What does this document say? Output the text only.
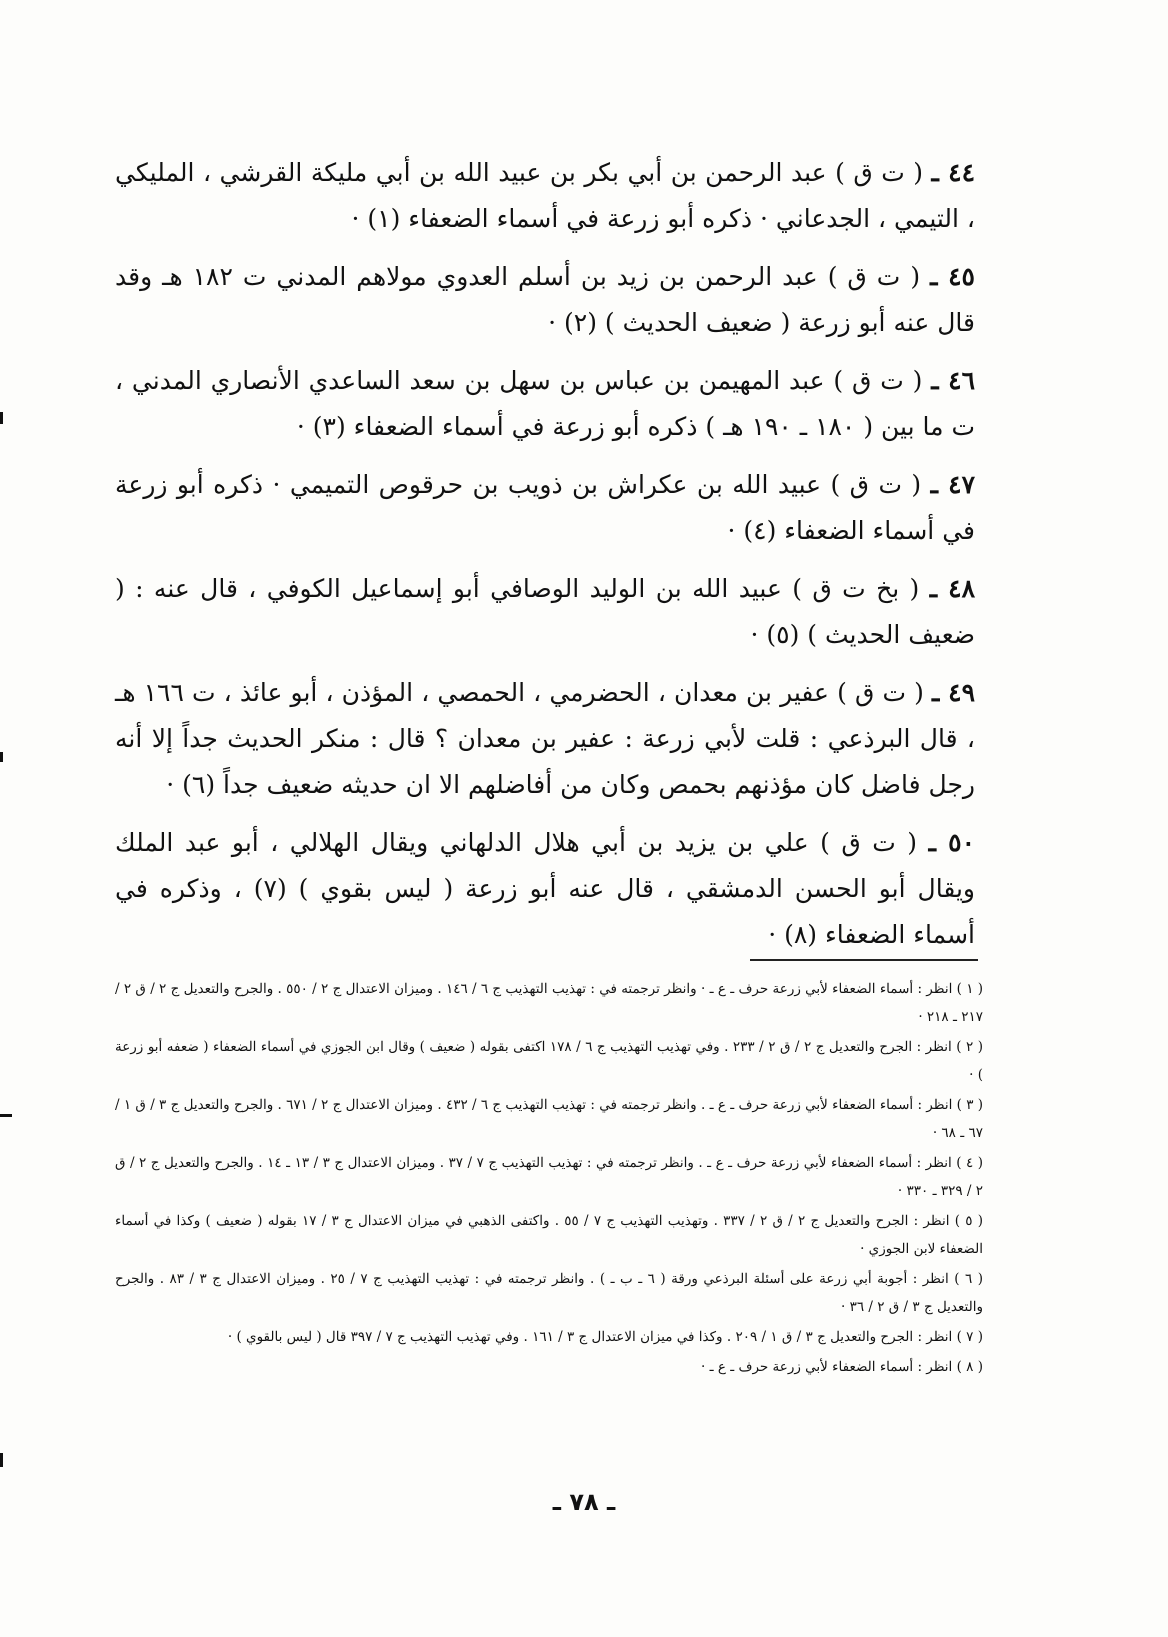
٤٤ ـ ( ت ق ) عبد الرحمن بن أبي بكر بن عبيد الله بن أبي مليكة القرشي ، المليكي ، التيمي ، الجدعاني · ذكره أبو زرعة في أسماء الضعفاء (١) ·

٤٥ ـ ( ت ق ) عبد الرحمن بن زيد بن أسلم العدوي مولاهم المدني ت ١٨٢ هـ وقد قال عنه أبو زرعة ( ضعيف الحديث ) (٢) ·

٤٦ ـ ( ت ق ) عبد المهيمن بن عباس بن سهل بن سعد الساعدي الأنصاري المدني ، ت ما بين ( ١٨٠ ـ ١٩٠ هـ ) ذكره أبو زرعة في أسماء الضعفاء (٣) ·

٤٧ ـ ( ت ق ) عبيد الله بن عكراش بن ذويب بن حرقوص التميمي · ذكره أبو زرعة في أسماء الضعفاء (٤) ·

٤٨ ـ ( بخ ت ق ) عبيد الله بن الوليد الوصافي أبو إسماعيل الكوفي ، قال عنه : ( ضعيف الحديث ) (٥) ·

٤٩ ـ ( ت ق ) عفير بن معدان ، الحضرمي ، الحمصي ، المؤذن ، أبو عائذ ، ت ١٦٦ هـ ، قال البرذعي : قلت لأبي زرعة : عفير بن معدان ؟ قال : منكر الحديث جداً إلا أنه رجل فاضل كان مؤذنهم بحمص وكان من أفاضلهم الا ان حديثه ضعيف جداً (٦) ·

٥٠ ـ ( ت ق ) علي بن يزيد بن أبي هلال الدلهاني ويقال الهلالي ، أبو عبد الملك ويقال أبو الحسن الدمشقي ، قال عنه أبو زرعة ( ليس بقوي ) (٧) ، وذكره في أسماء الضعفاء (٨) ·

( ١ ) انظر : أسماء الضعفاء لأبي زرعة حرف ـ ع ـ · وانظر ترجمته في : تهذيب التهذيب ج ٦ / ١٤٦ . وميزان الاعتدال ج ٢ / ٥٥٠ . والجرح والتعديل ج ٢ / ق ٢ / ٢١٧ ـ ٢١٨ ·

( ٢ ) انظر : الجرح والتعديل ج ٢ / ق ٢ / ٢٣٣ . وفي تهذيب التهذيب ج ٦ / ١٧٨ اكتفى بقوله ( ضعيف ) وقال ابن الجوزي في أسماء الضعفاء ( ضعفه أبو زرعة ) ·

( ٣ ) انظر : أسماء الضعفاء لأبي زرعة حرف ـ ع ـ . وانظر ترجمته في : تهذيب التهذيب ج ٦ / ٤٣٢ . وميزان الاعتدال ج ٢ / ٦٧١ . والجرح والتعديل ج ٣ / ق ١ / ٦٧ ـ ٦٨ ·

( ٤ ) انظر : أسماء الضعفاء لأبي زرعة حرف ـ ع ـ . وانظر ترجمته في : تهذيب التهذيب ج ٧ / ٣٧ . وميزان الاعتدال ج ٣ / ١٣ ـ ١٤ . والجرح والتعديل ج ٢ / ق ٢ / ٣٢٩ ـ ٣٣٠ ·

( ٥ ) انظر : الجرح والتعديل ج ٢ / ق ٢ / ٣٣٧ . وتهذيب التهذيب ج ٧ / ٥٥ . واكتفى الذهبي في ميزان الاعتدال ج ٣ / ١٧ بقوله ( ضعيف ) وكذا في أسماء الضعفاء لابن الجوزي ·

( ٦ ) انظر : أجوبة أبي زرعة على أسئلة البرذعي ورقة ( ٦ ـ ب ـ ) . وانظر ترجمته في : تهذيب التهذيب ج ٧ / ٢٥ . وميزان الاعتدال ج ٣ / ٨٣ . والجرح والتعديل ج ٣ / ق ٢ / ٣٦ ·

( ٧ ) انظر : الجرح والتعديل ج ٣ / ق ١ / ٢٠٩ . وكذا في ميزان الاعتدال ج ٣ / ١٦١ . وفي تهذيب التهذيب ج ٧ / ٣٩٧ قال ( ليس بالقوي ) ·

( ٨ ) انظر : أسماء الضعفاء لأبي زرعة حرف ـ ع ـ ·

ـ ٧٨ ـ
